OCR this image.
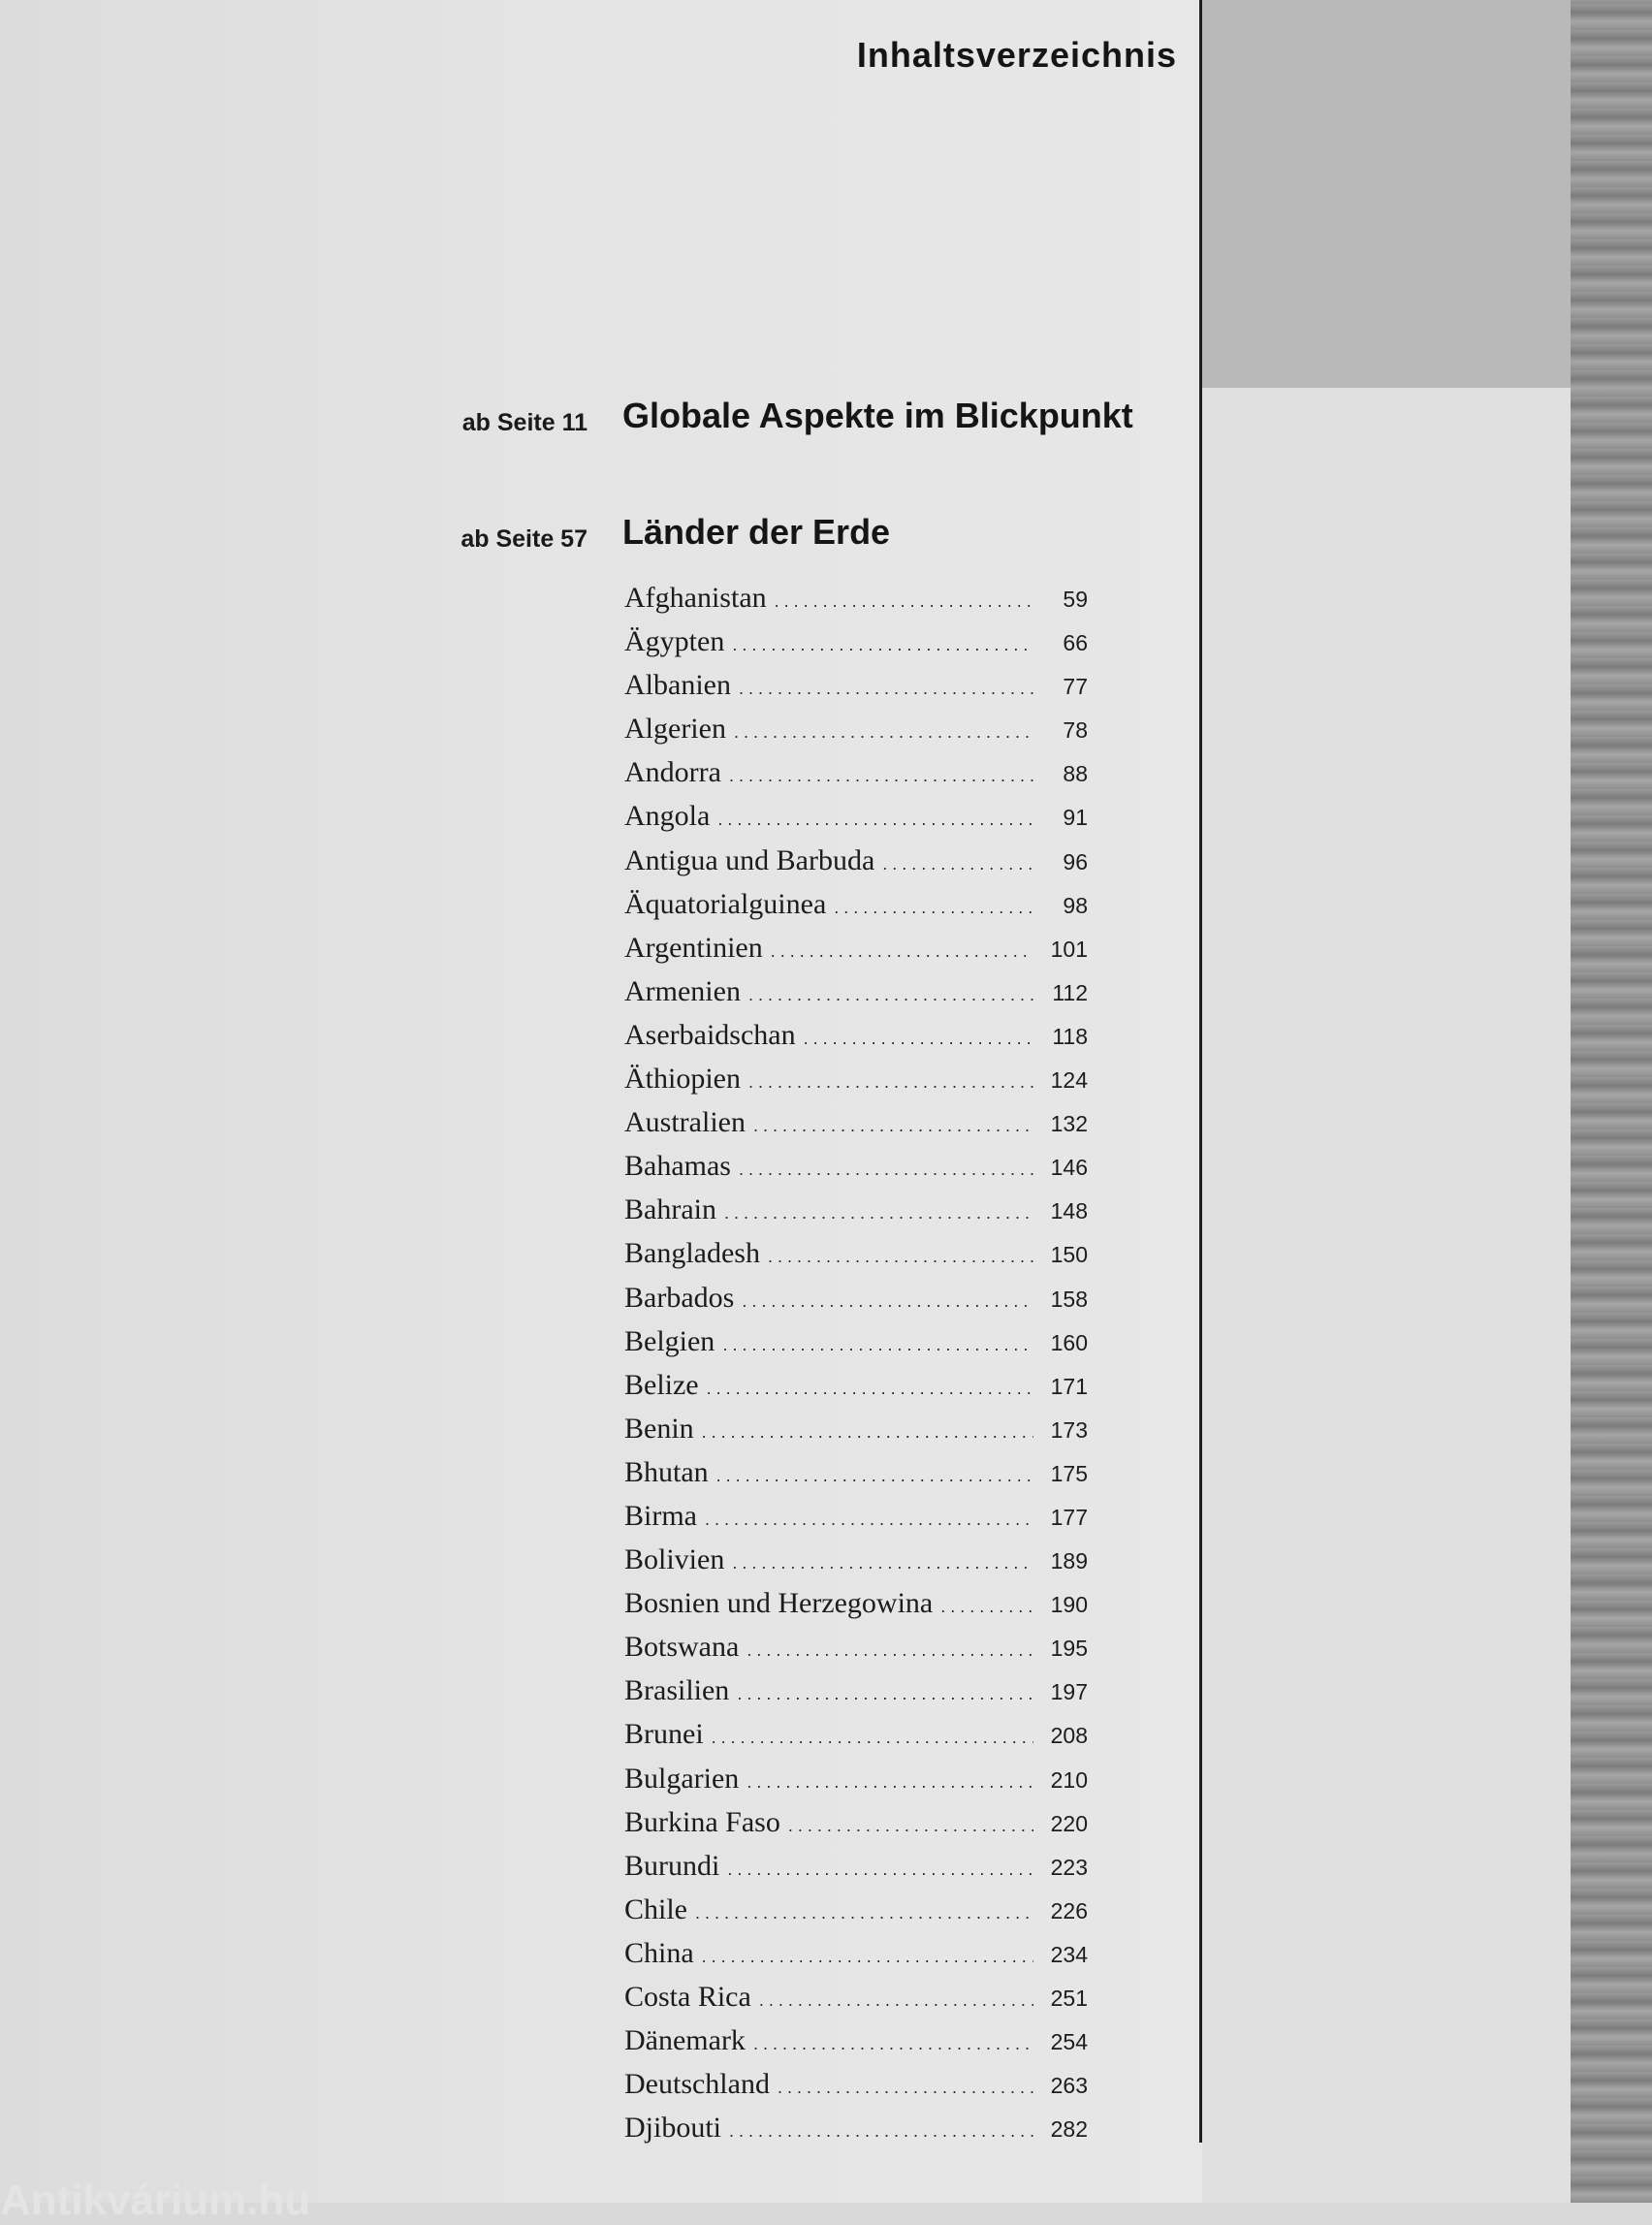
Inhaltsverzeichnis
ab Seite 11 Globale Aspekte im Blickpunkt
ab Seite 57 Länder der Erde
Afghanistan . . .	59
Ägypten . . .	66
Albanien . . .	77
Algerien . . .	78
Andorra . . .	88
Angola . . .	91
Antigua und Barbuda . . .	96
Äquatorialguinea . . .	98
Argentinien . . .	101
Armenien . . .	112
Aserbaidschan . . .	118
Äthiopien . . .	124
Australien . . .	132
Bahamas . . .	146
Bahrain . . .	148
Bangladesh . . .	150
Barbados . . .	158
Belgien . . .	160
Belize . . .	171
Benin . . .	173
Bhutan . . .	175
Birma . . .	177
Bolivien . . .	189
Bosnien und Herzegowina . . .	190
Botswana . . .	195
Brasilien . . .	197
Brunei . . .	208
Bulgarien . . .	210
Burkina Faso . . .	220
Burundi . . .	223
Chile . . .	226
China . . .	234
Costa Rica . . .	251
Dänemark . . .	254
Deutschland . . .	263
Djibouti . . .	282
Antikvárium.hu
